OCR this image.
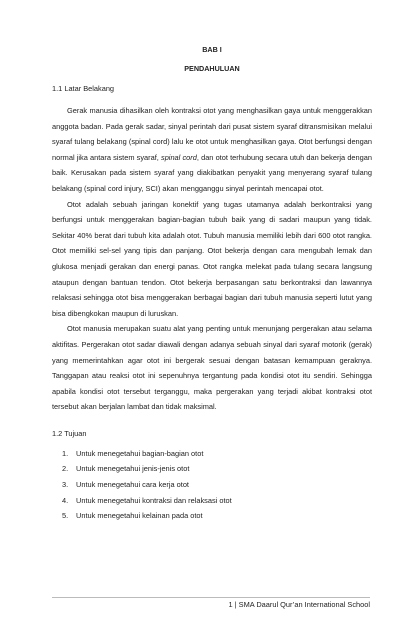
BAB I

PENDAHULUAN

1.1 Latar Belakang

Gerak manusia dihasilkan oleh kontraksi otot yang menghasilkan gaya untuk menggerakkan anggota badan. Pada gerak sadar, sinyal perintah dari pusat sistem syaraf ditransmisikan melalui syaraf tulang belakang (spinal cord) lalu ke otot untuk menghasilkan gaya. Otot berfungsi dengan normal jika antara sistem syaraf, spinal cord, dan otot terhubung secara utuh dan bekerja dengan baik. Kerusakan pada sistem syaraf yang diakibatkan penyakit yang menyerang syaraf tulang belakang (spinal cord injury, SCI) akan mengganggu sinyal perintah mencapai otot.

Otot adalah sebuah jaringan konektif yang tugas utamanya adalah berkontraksi yang berfungsi untuk menggerakan bagian-bagian tubuh baik yang di sadari maupun yang tidak. Sekitar 40% berat dari tubuh kita adalah otot. Tubuh manusia memiliki lebih dari 600 otot rangka. Otot memiliki sel-sel yang tipis dan panjang. Otot bekerja dengan cara mengubah lemak dan glukosa menjadi gerakan dan energi panas. Otot rangka melekat pada tulang secara langsung ataupun dengan bantuan tendon. Otot bekerja berpasangan satu berkontraksi dan lawannya relaksasi sehingga otot bisa menggerakan berbagai bagian dari tubuh manusia seperti lutut yang bisa dibengkokan maupun di luruskan.

Otot manusia merupakan suatu alat yang penting untuk menunjang pergerakan atau selama aktifitas. Pergerakan otot sadar diawali dengan adanya sebuah sinyal dari syaraf motorik (gerak) yang memerintahkan agar otot ini bergerak sesuai dengan batasan kemampuan geraknya. Tanggapan atau reaksi otot ini sepenuhnya tergantung pada kondisi otot itu sendiri. Sehingga apabila kondisi otot tersebut terganggu, maka pergerakan yang terjadi akibat kontraksi otot tersebut akan berjalan lambat dan tidak maksimal.

1.2 Tujuan

1.	Untuk menegetahui bagian-bagian otot
2.	Untuk menegetahui jenis-jenis otot
3.	Untuk menegetahui cara kerja otot
4.	Untuk menegetahui kontraksi dan relaksasi otot
5.	Untuk menegetahui kelainan pada otot
1 | SMA Daarul Qur’an International School
